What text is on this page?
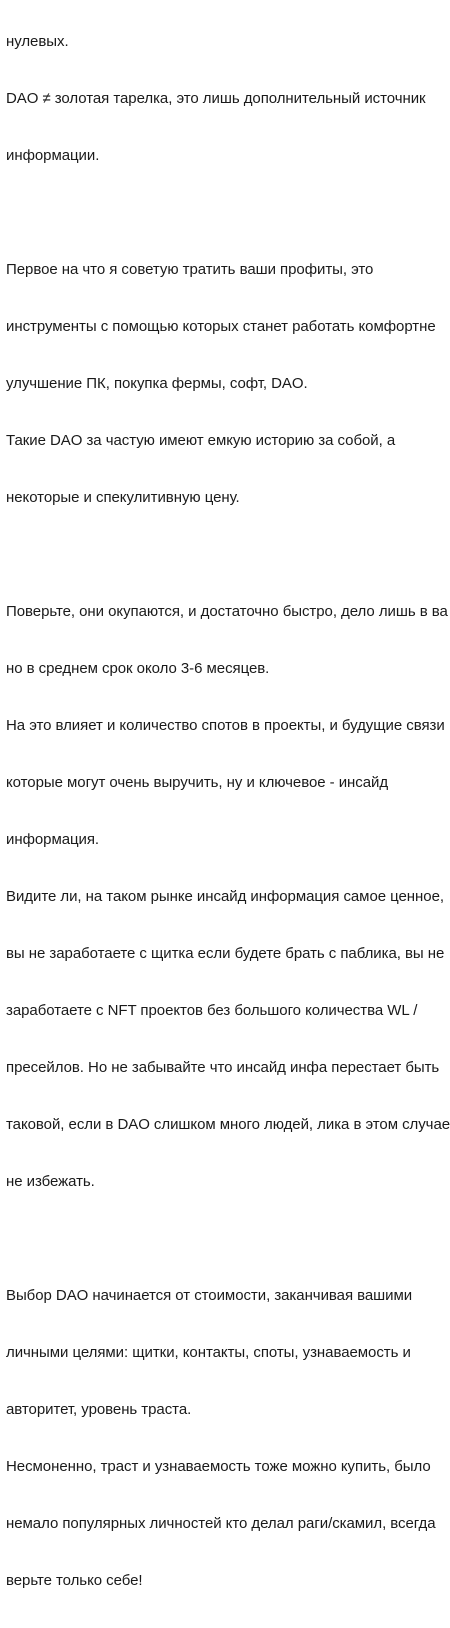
нулевых.

DAO ≠ золотая тарелка, это лишь дополнительный источник

информации.

Первое на что я советую тратить ваши профиты, это

инструменты с помощью которых станет работать комфортне

улучшение ПК, покупка фермы, софт, DAO.

Такие DAO за частую имеют емкую историю за собой, а

некоторые и спекулитивную цену.

Поверьте, они окупаются, и достаточно быстро, дело лишь в ва

но в среднем срок около 3-6 месяцев.

На это влияет и количество спотов в проекты, и будущие связи

которые могут очень выручить, ну и ключевое - инсайд

информация.

Видите ли, на таком рынке инсайд информация самое ценное,

вы не заработаете с щитка если будете брать с паблика, вы не

заработаете с NFT проектов без большого количества WL /

пресейлов. Но не забывайте что инсайд инфа перестает быть

таковой, если в DAO слишком много людей, лика в этом случае

не избежать.

Выбор DAO начинается от стоимости, заканчивая вашими

личными целями: щитки, контакты, споты, узнаваемость и

авторитет, уровень траста.

Несмоненно, траст и узнаваемость тоже можно купить, было

немало популярных личностей кто делал раги/скамил, всегда

верьте только себе!
